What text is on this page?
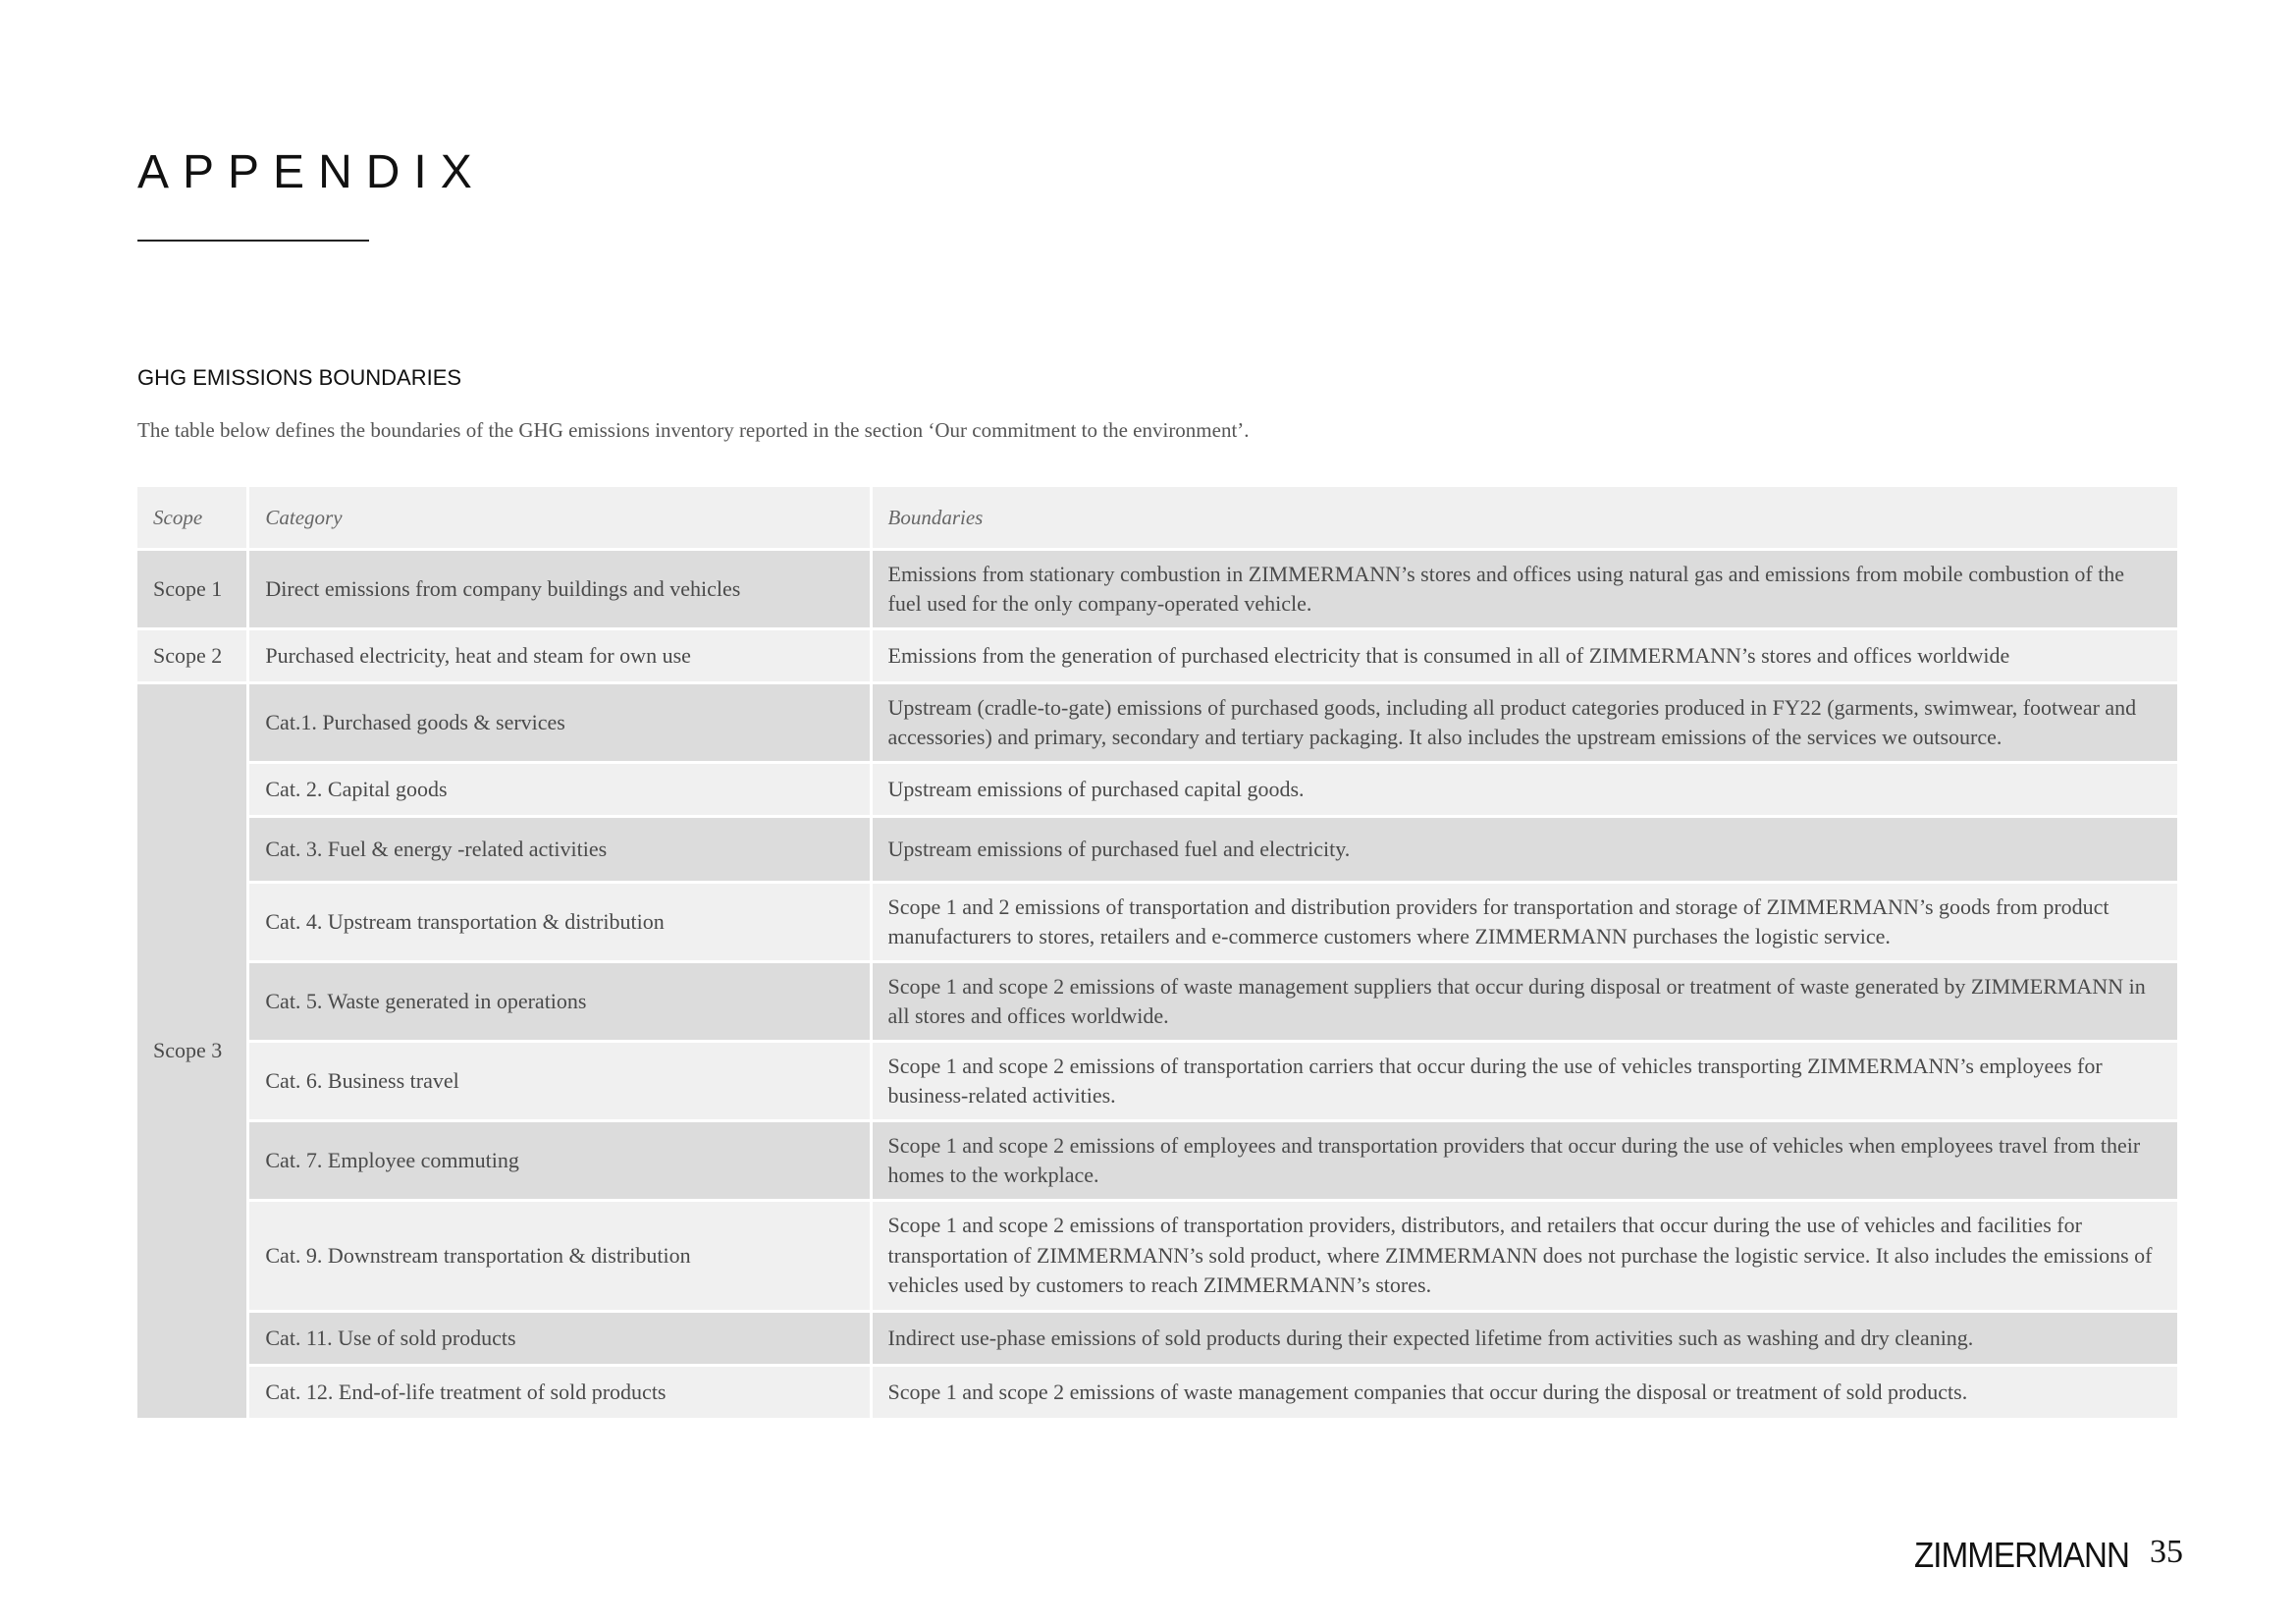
APPENDIX
GHG EMISSIONS BOUNDARIES
The table below defines the boundaries of the GHG emissions inventory reported in the section ‘Our commitment to the environment’.
Scope	Category	Boundaries
Scope 1	Direct emissions from company buildings and vehicles	Emissions from stationary combustion in ZIMMERMANN’s stores and offices using natural gas and emissions from mobile combustion of the fuel used for the only company-operated vehicle.
Scope 2	Purchased electricity, heat and steam for own use	Emissions from the generation of purchased electricity that is consumed in all of ZIMMERMANN’s stores and offices worldwide
Scope 3	Cat.1. Purchased goods & services	Upstream (cradle-to-gate) emissions of purchased goods, including all product categories produced in FY22 (garments, swimwear, footwear and accessories) and primary, secondary and tertiary packaging. It also includes the upstream emissions of the services we outsource.
	Cat. 2. Capital goods	Upstream emissions of purchased capital goods.
	Cat. 3. Fuel & energy -related activities	Upstream emissions of purchased fuel and electricity.
	Cat. 4. Upstream transportation & distribution	Scope 1 and 2 emissions of transportation and distribution providers for transportation and storage of ZIMMERMANN’s goods from product manufacturers to stores, retailers and e-commerce customers where ZIMMERMANN purchases the logistic service.
	Cat. 5. Waste generated in operations	Scope 1 and scope 2 emissions of waste management suppliers that occur during disposal or treatment of waste generated by ZIMMERMANN in all stores and offices worldwide.
	Cat. 6. Business travel	Scope 1 and scope 2 emissions of transportation carriers that occur during the use of vehicles transporting ZIMMERMANN’s employees for business-related activities.
	Cat. 7. Employee commuting	Scope 1 and scope 2 emissions of employees and transportation providers that occur during the use of vehicles when employees travel from their homes to the workplace.
	Cat. 9. Downstream transportation & distribution	Scope 1 and scope 2 emissions of transportation providers, distributors, and retailers that occur during the use of vehicles and facilities for transportation of ZIMMERMANN’s sold product, where ZIMMERMANN does not purchase the logistic service. It also includes the emissions of vehicles used by customers to reach ZIMMERMANN’s stores.
	Cat. 11. Use of sold products	Indirect use-phase emissions of sold products during their expected lifetime from activities such as washing and dry cleaning.
	Cat. 12. End-of-life treatment of sold products	Scope 1 and scope 2 emissions of waste management companies that occur during the disposal or treatment of sold products.
ZIMMERMANN 35
